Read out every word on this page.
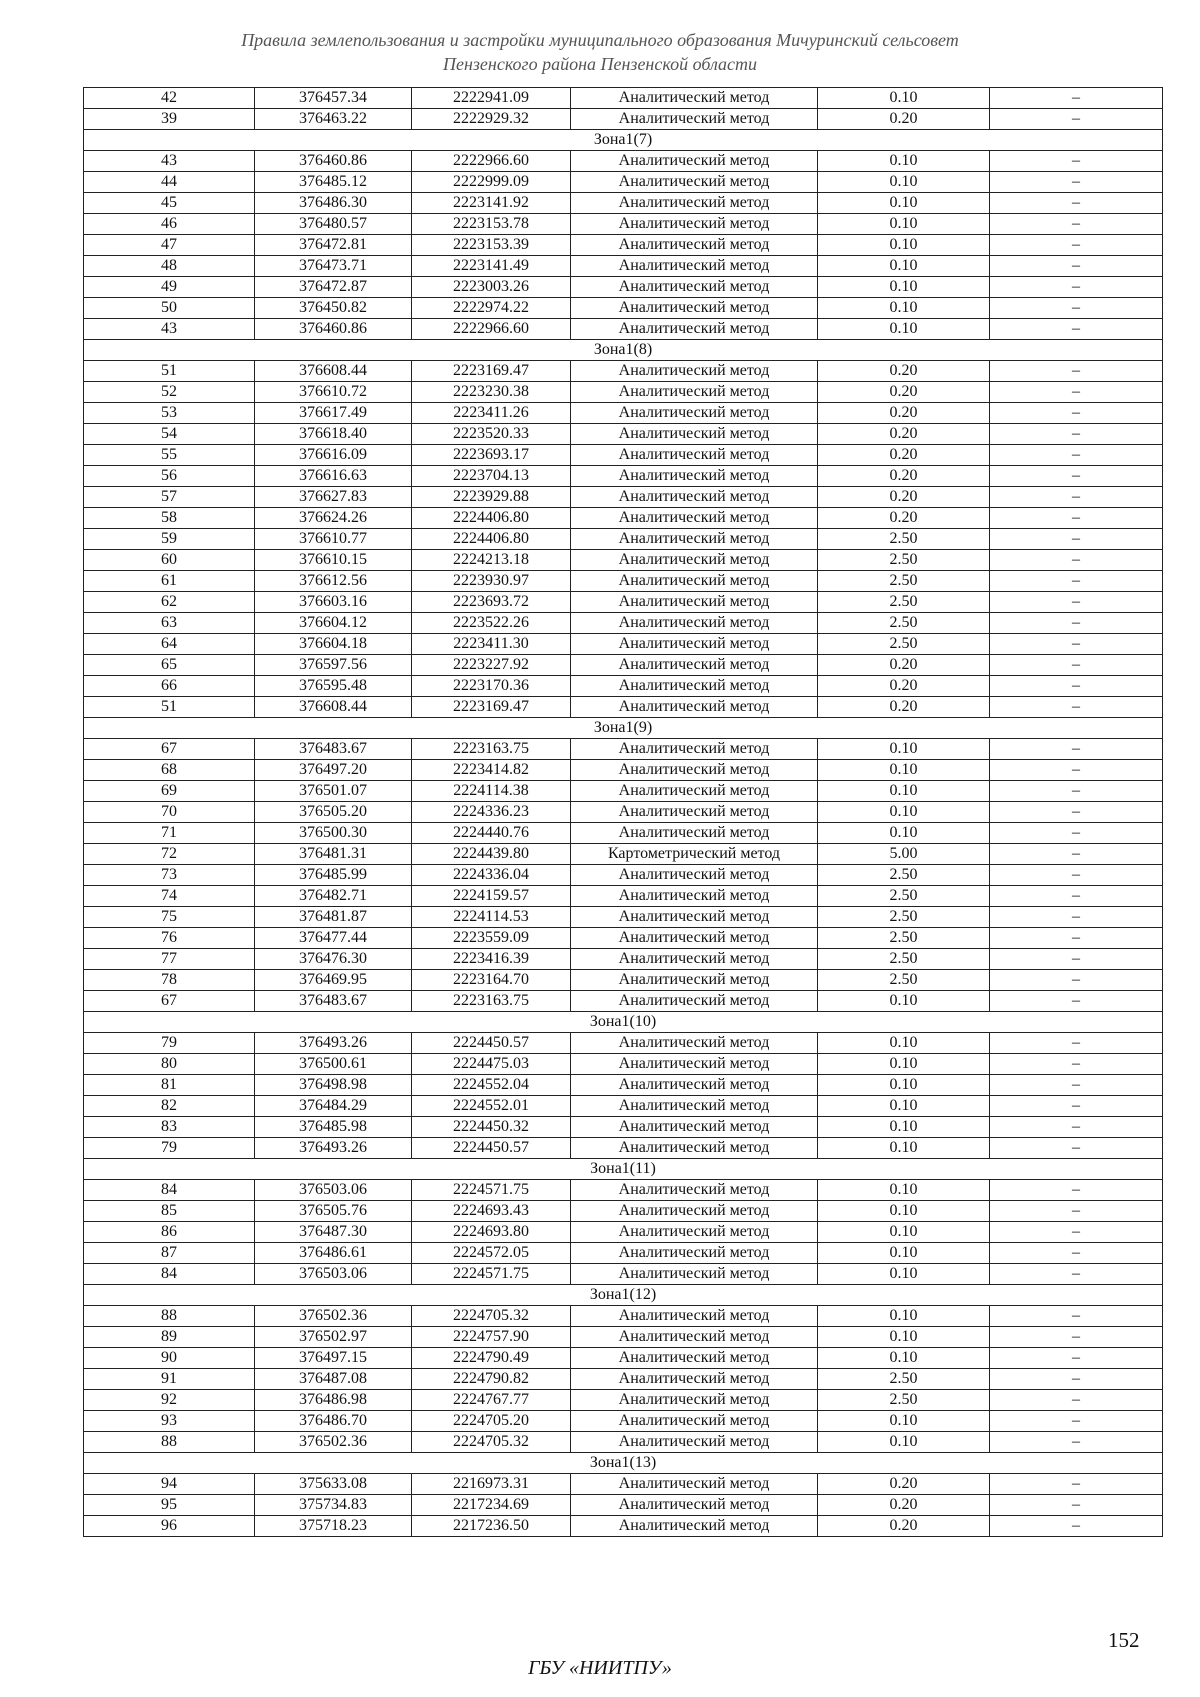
Правила землепользования и застройки муниципального образования Мичуринский сельсовет
Пензенского района Пензенской области
42	376457.34	2222941.09	Аналитический метод	0.10	–
39	376463.22	2222929.32	Аналитический метод	0.20	–
Зона1(7)					
43	376460.86	2222966.60	Аналитический метод	0.10	–
44	376485.12	2222999.09	Аналитический метод	0.10	–
45	376486.30	2223141.92	Аналитический метод	0.10	–
46	376480.57	2223153.78	Аналитический метод	0.10	–
47	376472.81	2223153.39	Аналитический метод	0.10	–
48	376473.71	2223141.49	Аналитический метод	0.10	–
49	376472.87	2223003.26	Аналитический метод	0.10	–
50	376450.82	2222974.22	Аналитический метод	0.10	–
43	376460.86	2222966.60	Аналитический метод	0.10	–
Зона1(8)					
51	376608.44	2223169.47	Аналитический метод	0.20	–
52	376610.72	2223230.38	Аналитический метод	0.20	–
53	376617.49	2223411.26	Аналитический метод	0.20	–
54	376618.40	2223520.33	Аналитический метод	0.20	–
55	376616.09	2223693.17	Аналитический метод	0.20	–
56	376616.63	2223704.13	Аналитический метод	0.20	–
57	376627.83	2223929.88	Аналитический метод	0.20	–
58	376624.26	2224406.80	Аналитический метод	0.20	–
59	376610.77	2224406.80	Аналитический метод	2.50	–
60	376610.15	2224213.18	Аналитический метод	2.50	–
61	376612.56	2223930.97	Аналитический метод	2.50	–
62	376603.16	2223693.72	Аналитический метод	2.50	–
63	376604.12	2223522.26	Аналитический метод	2.50	–
64	376604.18	2223411.30	Аналитический метод	2.50	–
65	376597.56	2223227.92	Аналитический метод	0.20	–
66	376595.48	2223170.36	Аналитический метод	0.20	–
51	376608.44	2223169.47	Аналитический метод	0.20	–
Зона1(9)					
67	376483.67	2223163.75	Аналитический метод	0.10	–
68	376497.20	2223414.82	Аналитический метод	0.10	–
69	376501.07	2224114.38	Аналитический метод	0.10	–
70	376505.20	2224336.23	Аналитический метод	0.10	–
71	376500.30	2224440.76	Аналитический метод	0.10	–
72	376481.31	2224439.80	Картометрический метод	5.00	–
73	376485.99	2224336.04	Аналитический метод	2.50	–
74	376482.71	2224159.57	Аналитический метод	2.50	–
75	376481.87	2224114.53	Аналитический метод	2.50	–
76	376477.44	2223559.09	Аналитический метод	2.50	–
77	376476.30	2223416.39	Аналитический метод	2.50	–
78	376469.95	2223164.70	Аналитический метод	2.50	–
67	376483.67	2223163.75	Аналитический метод	0.10	–
Зона1(10)					
79	376493.26	2224450.57	Аналитический метод	0.10	–
80	376500.61	2224475.03	Аналитический метод	0.10	–
81	376498.98	2224552.04	Аналитический метод	0.10	–
82	376484.29	2224552.01	Аналитический метод	0.10	–
83	376485.98	2224450.32	Аналитический метод	0.10	–
79	376493.26	2224450.57	Аналитический метод	0.10	–
Зона1(11)					
84	376503.06	2224571.75	Аналитический метод	0.10	–
85	376505.76	2224693.43	Аналитический метод	0.10	–
86	376487.30	2224693.80	Аналитический метод	0.10	–
87	376486.61	2224572.05	Аналитический метод	0.10	–
84	376503.06	2224571.75	Аналитический метод	0.10	–
Зона1(12)					
88	376502.36	2224705.32	Аналитический метод	0.10	–
89	376502.97	2224757.90	Аналитический метод	0.10	–
90	376497.15	2224790.49	Аналитический метод	0.10	–
91	376487.08	2224790.82	Аналитический метод	2.50	–
92	376486.98	2224767.77	Аналитический метод	2.50	–
93	376486.70	2224705.20	Аналитический метод	0.10	–
88	376502.36	2224705.32	Аналитический метод	0.10	–
Зона1(13)					
94	375633.08	2216973.31	Аналитический метод	0.20	–
95	375734.83	2217234.69	Аналитический метод	0.20	–
96	375718.23	2217236.50	Аналитический метод	0.20	–
152
ГБУ «НИИТПУ»
